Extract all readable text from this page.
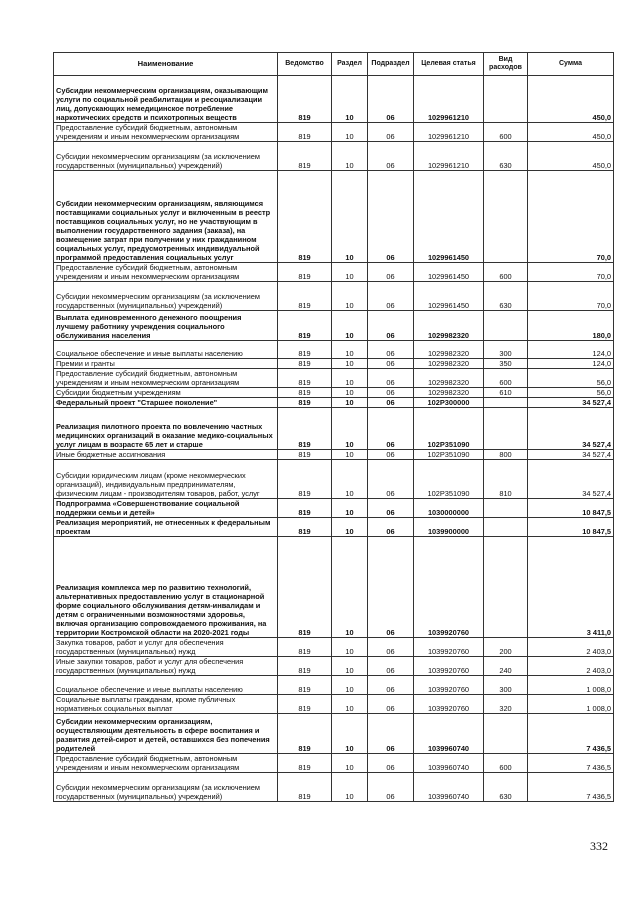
Наименование	Ведомство	Раздел	Подраздел	Целевая статья	Вид расходов	Сумма
Субсидии некоммерческим организациям, оказывающим услуги по социальной реабилитации и ресоциализации лиц, допускающих немедицинское потребление наркотических средств и психотропных веществ	819	10	06	1029961210		450,0
Предоставление субсидий бюджетным, автономным учреждениям и иным некоммерческим организациям	819	10	06	1029961210	600	450,0
Субсидии некоммерческим организациям (за исключением государственных (муниципальных) учреждений)	819	10	06	1029961210	630	450,0
Субсидии некоммерческим организациям, являющимся поставщиками социальных услуг и включенным в реестр поставщиков социальных услуг, но не участвующим в выполнении государственного задания (заказа), на возмещение затрат при получении у них гражданином социальных услуг, предусмотренных индивидуальной программой предоставления социальных услуг	819	10	06	1029961450		70,0
Предоставление субсидий бюджетным, автономным учреждениям и иным некоммерческим организациям	819	10	06	1029961450	600	70,0
Субсидии некоммерческим организациям (за исключением государственных (муниципальных) учреждений)	819	10	06	1029961450	630	70,0
Выплата единовременного денежного поощрения лучшему работнику учреждения социального обслуживания населения	819	10	06	1029982320		180,0
Социальное обеспечение и иные выплаты населению	819	10	06	1029982320	300	124,0
Премии и гранты	819	10	06	1029982320	350	124,0
Предоставление субсидий бюджетным, автономным учреждениям и иным некоммерческим организациям	819	10	06	1029982320	600	56,0
Субсидии бюджетным учреждениям	819	10	06	1029982320	610	56,0
Федеральный проект "Старшее поколение"	819	10	06	102P300000		34 527,4
Реализация пилотного проекта по вовлечению частных медицинских организаций в оказание медико-социальных услуг лицам в возрасте 65 лет и старше	819	10	06	102P351090		34 527,4
Иные бюджетные ассигнования	819	10	06	102P351090	800	34 527,4
Субсидии юридическим лицам (кроме некоммерческих организаций), индивидуальным предпринимателям, физическим лицам - производителям товаров, работ, услуг	819	10	06	102P351090	810	34 527,4
Подпрограмма «Совершенствование социальной поддержки семьи и детей»	819	10	06	1030000000		10 847,5
Реализация мероприятий, не отнесенных к федеральным проектам	819	10	06	1039900000		10 847,5
Реализация комплекса мер по развитию технологий, альтернативных предоставлению услуг в стационарной форме социального обслуживания детям-инвалидам и детям с ограниченными возможностями здоровья, включая организацию сопровождаемого проживания, на территории Костромской области на 2020-2021 годы	819	10	06	1039920760		3 411,0
Закупка товаров, работ и услуг для обеспечения государственных (муниципальных) нужд	819	10	06	1039920760	200	2 403,0
Иные закупки товаров, работ и услуг для обеспечения государственных (муниципальных) нужд	819	10	06	1039920760	240	2 403,0
Социальное обеспечение и иные выплаты населению	819	10	06	1039920760	300	1 008,0
Социальные выплаты гражданам, кроме публичных нормативных социальных выплат	819	10	06	1039920760	320	1 008,0
Субсидии некоммерческим организациям, осуществляющим деятельность в сфере воспитания и развития детей-сирот и детей, оставшихся без попечения родителей	819	10	06	1039960740		7 436,5
Предоставление субсидий бюджетным, автономным учреждениям и иным некоммерческим организациям	819	10	06	1039960740	600	7 436,5
Субсидии некоммерческим организациям (за исключением государственных (муниципальных) учреждений)	819	10	06	1039960740	630	7 436,5
332
